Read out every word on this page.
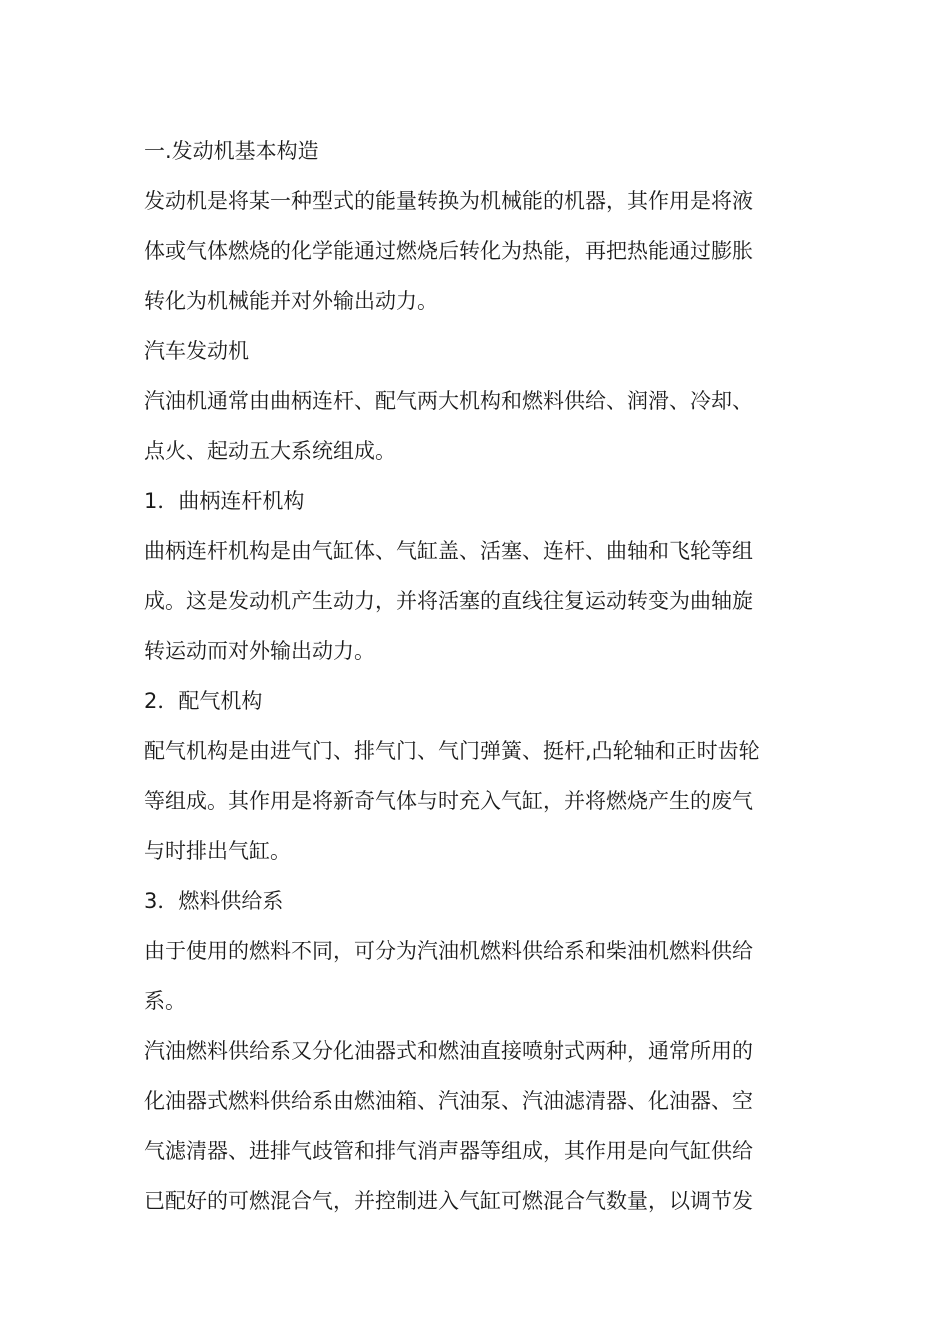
一.发动机基本构造
发动机是将某一种型式的能量转换为机械能的机器，其作用是将液
体或气体燃烧的化学能通过燃烧后转化为热能，再把热能通过膨胀
转化为机械能并对外输出动力。
汽车发动机
汽油机通常由曲柄连杆、配气两大机构和燃料供给、润滑、冷却、
点火、起动五大系统组成。
1．曲柄连杆机构
曲柄连杆机构是由气缸体、气缸盖、活塞、连杆、曲轴和飞轮等组
成。这是发动机产生动力，并将活塞的直线往复运动转变为曲轴旋
转运动而对外输出动力。
2．配气机构
配气机构是由进气门、排气门、气门弹簧、挺杆,凸轮轴和正时齿轮
等组成。其作用是将新奇气体与时充入气缸，并将燃烧产生的废气
与时排出气缸。
3．燃料供给系
由于使用的燃料不同，可分为汽油机燃料供给系和柴油机燃料供给
系。
汽油燃料供给系又分化油器式和燃油直接喷射式两种，通常所用的
化油器式燃料供给系由燃油箱、汽油泵、汽油滤清器、化油器、空
气滤清器、进排气歧管和排气消声器等组成，其作用是向气缸供给
已配好的可燃混合气，并控制进入气缸可燃混合气数量，以调节发
